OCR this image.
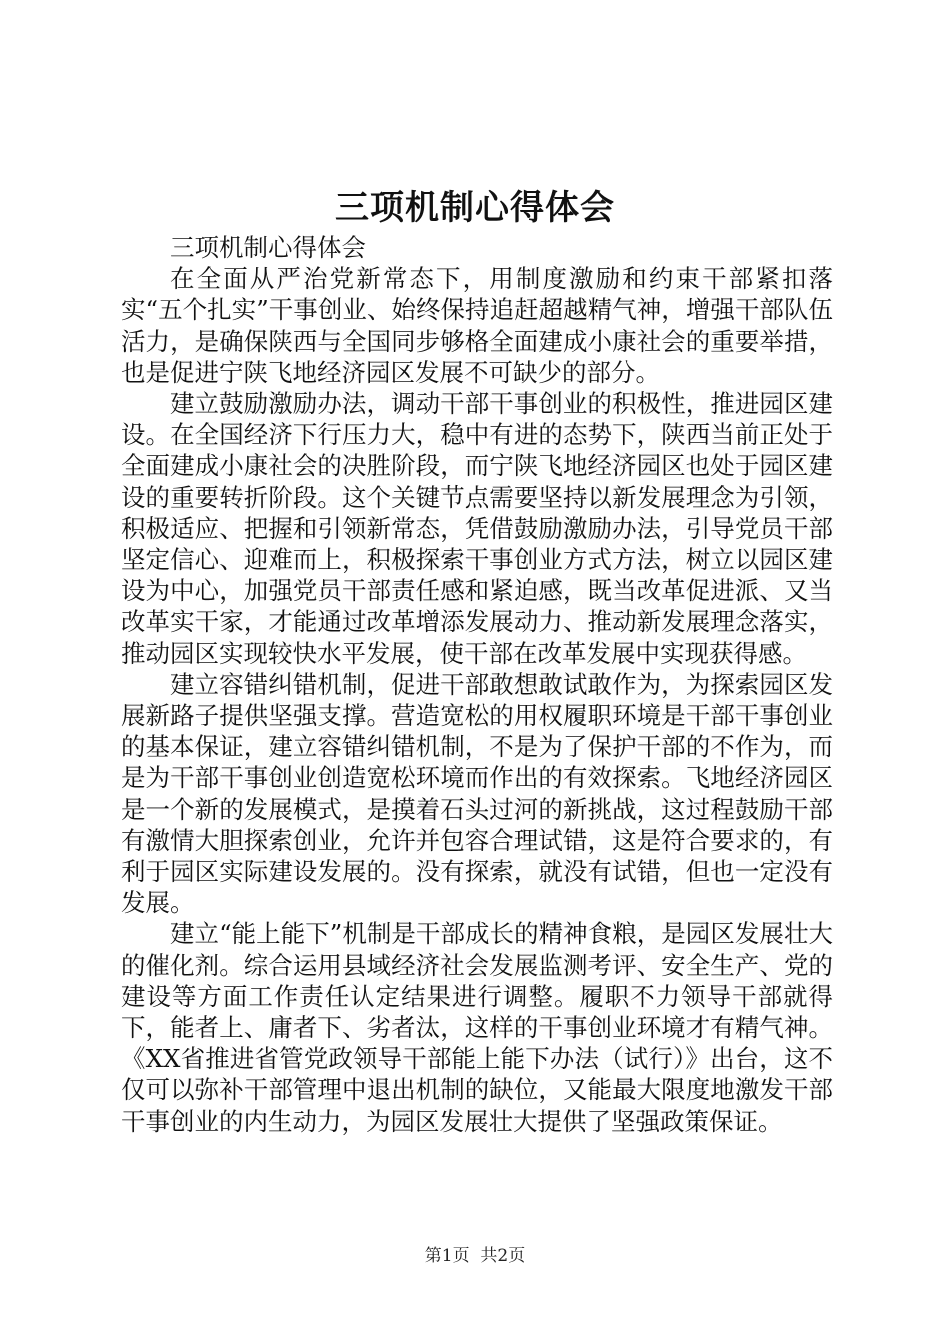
三项机制心得体会

三项机制心得体会

在全面从严治党新常态下，用制度激励和约束干部紧扣落实“五个扎实”干事创业、始终保持追赶超越精气神，增强干部队伍活力，是确保陕西与全国同步够格全面建成小康社会的重要举措，也是促进宁陕飞地经济园区发展不可缺少的部分。

建立鼓励激励办法，调动干部干事创业的积极性，推进园区建设。在全国经济下行压力大，稳中有进的态势下，陕西当前正处于全面建成小康社会的决胜阶段，而宁陕飞地经济园区也处于园区建设的重要转折阶段。这个关键节点需要坚持以新发展理念为引领，积极适应、把握和引领新常态，凭借鼓励激励办法，引导党员干部坚定信心、迎难而上，积极探索干事创业方式方法，树立以园区建设为中心，加强党员干部责任感和紧迫感，既当改革促进派、又当改革实干家，才能通过改革增添发展动力、推动新发展理念落实，推动园区实现较快水平发展，使干部在改革发展中实现获得感。

建立容错纠错机制，促进干部敢想敢试敢作为，为探索园区发展新路子提供坚强支撑。营造宽松的用权履职环境是干部干事创业的基本保证，建立容错纠错机制，不是为了保护干部的不作为，而是为干部干事创业创造宽松环境而作出的有效探索。飞地经济园区是一个新的发展模式，是摸着石头过河的新挑战，这过程鼓励干部有激情大胆探索创业，允许并包容合理试错，这是符合要求的，有利于园区实际建设发展的。没有探索，就没有试错，但也一定没有发展。

建立“能上能下”机制是干部成长的精神食粮，是园区发展壮大的催化剂。综合运用县域经济社会发展监测考评、安全生产、党的建设等方面工作责任认定结果进行调整。履职不力领导干部就得下，能者上、庸者下、劣者汰，这样的干事创业环境才有精气神。《XX省推进省管党政领导干部能上能下办法（试行）》出台，这不仅可以弥补干部管理中退出机制的缺位，又能最大限度地激发干部干事创业的内生动力，为园区发展壮大提供了坚强政策保证。

第1页 共2页
